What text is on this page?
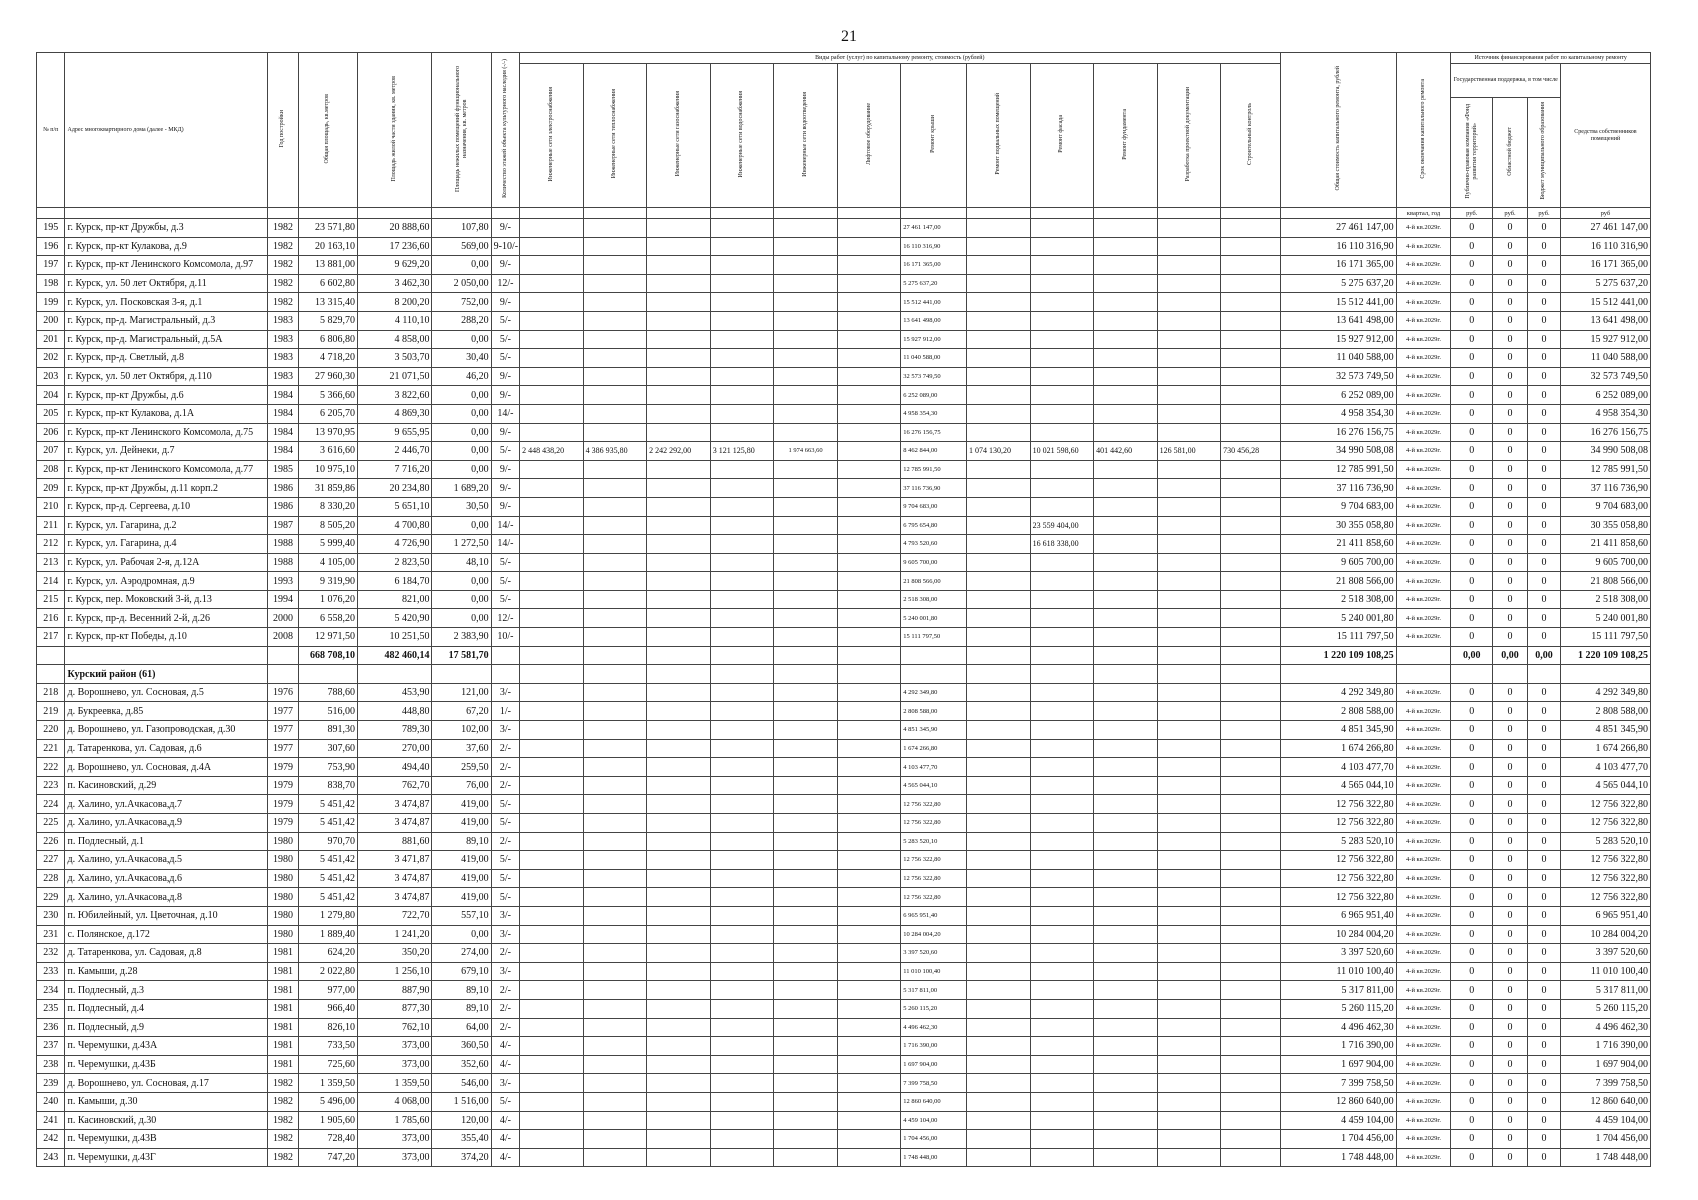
21
№ п/п	Адрес многоквартирного дома (далее - МКД)	Год постройки	Общая площадь, кв.метров	Площадь жилой части здания, кв. метров	Площадь нежилых помещений функционального назначения, кв. метров	Количество этажей объекта культурного наследия (-/-)	Виды работ (услуг) по капитальному ремонту, стоимость (рублей)												Общая стоимость капитального ремонта, рублей	Срок окончания капитального ремонта	Источник финансирования работ по капитальному ремонту			
							Инженерные сети электроснабжения	Инженерные сети теплоснабжения	Инженерные сети газоснабжения	Инженерные сети водоснабжения	Инженерные сети водоотведения	Лифтовое оборудование	Ремонт крыши	Ремонт подвальных помещений	Ремонт фасада	Ремонт фундамента	Разработка проектной документации	Строительный контроль			Государственная поддержка, в том числе			Средства собственников помещений
																					Публично-правовая компания «Фонд развития территорий»	Областной бюджет	Бюджет муниципального образования	
																				квартал, год	руб.	руб.	руб.	руб
195	г. Курск, пр-кт Дружбы, д.3	1982	23 571,80	20 888,60	107,80	9/-							27 461 147,00						27 461 147,00	4-й кв.2029г.	0	0	0	27 461 147,00
196	г. Курск, пр-кт Кулакова, д.9	1982	20 163,10	17 236,60	569,00	9-10/-							16 110 316,90						16 110 316,90	4-й кв.2029г.	0	0	0	16 110 316,90
197	г. Курск, пр-кт Ленинского Комсомола, д.97	1982	13 881,00	9 629,20	0,00	9/-							16 171 365,00						16 171 365,00	4-й кв.2029г.	0	0	0	16 171 365,00
198	г. Курск, ул. 50 лет Октября, д.11	1982	6 602,80	3 462,30	2 050,00	12/-							5 275 637,20						5 275 637,20	4-й кв.2029г.	0	0	0	5 275 637,20
199	г. Курск, ул. Посковская 3-я, д.1	1982	13 315,40	8 200,20	752,00	9/-							15 512 441,00						15 512 441,00	4-й кв.2029г.	0	0	0	15 512 441,00
200	г. Курск, пр-д. Магистральный, д.3	1983	5 829,70	4 110,10	288,20	5/-							13 641 498,00						13 641 498,00	4-й кв.2029г.	0	0	0	13 641 498,00
201	г. Курск, пр-д. Магистральный, д.5А	1983	6 806,80	4 858,00	0,00	5/-							15 927 912,00						15 927 912,00	4-й кв.2029г.	0	0	0	15 927 912,00
202	г. Курск, пр-д. Светлый, д.8	1983	4 718,20	3 503,70	30,40	5/-							11 040 588,00						11 040 588,00	4-й кв.2029г.	0	0	0	11 040 588,00
203	г. Курск, ул. 50 лет Октября, д.110	1983	27 960,30	21 071,50	46,20	9/-							32 573 749,50						32 573 749,50	4-й кв.2029г.	0	0	0	32 573 749,50
204	г. Курск, пр-кт Дружбы, д.6	1984	5 366,60	3 822,60	0,00	9/-							6 252 089,00						6 252 089,00	4-й кв.2029г.	0	0	0	6 252 089,00
205	г. Курск, пр-кт Кулакова, д.1А	1984	6 205,70	4 869,30	0,00	14/-							4 958 354,30						4 958 354,30	4-й кв.2029г.	0	0	0	4 958 354,30
206	г. Курск, пр-кт Ленинского Комсомола, д.75	1984	13 970,95	9 655,95	0,00	9/-							16 276 156,75						16 276 156,75	4-й кв.2029г.	0	0	0	16 276 156,75
207	г. Курск, ул. Дейнеки, д.7	1984	3 616,60	2 446,70	0,00	5/-	2 448 438,20	4 386 935,80	2 242 292,00	3 121 125,80	1 974 663,60		8 462 844,00	1 074 130,20	10 021 598,60	401 442,60	126 581,00	730 456,28	34 990 508,08	4-й кв.2029г.	0	0	0	34 990 508,08
208	г. Курск, пр-кт Ленинского Комсомола, д.77	1985	10 975,10	7 716,20	0,00	9/-							12 785 991,50						12 785 991,50	4-й кв.2029г.	0	0	0	12 785 991,50
209	г. Курск, пр-кт Дружбы, д.11 корп.2	1986	31 859,86	20 234,80	1 689,20	9/-							37 116 736,90						37 116 736,90	4-й кв.2029г.	0	0	0	37 116 736,90
210	г. Курск, пр-д. Сергеева, д.10	1986	8 330,20	5 651,10	30,50	9/-							9 704 683,00						9 704 683,00	4-й кв.2029г.	0	0	0	9 704 683,00
211	г. Курск, ул. Гагарина, д.2	1987	8 505,20	4 700,80	0,00	14/-							6 795 654,80		23 559 404,00				30 355 058,80	4-й кв.2029г.	0	0	0	30 355 058,80
212	г. Курск, ул. Гагарина, д.4	1988	5 999,40	4 726,90	1 272,50	14/-							4 793 520,60		16 618 338,00				21 411 858,60	4-й кв.2029г.	0	0	0	21 411 858,60
213	г. Курск, ул. Рабочая 2-я, д.12А	1988	4 105,00	2 823,50	48,10	5/-							9 605 700,00						9 605 700,00	4-й кв.2029г.	0	0	0	9 605 700,00
214	г. Курск, ул. Аэродромная, д.9	1993	9 319,90	6 184,70	0,00	5/-							21 808 566,00						21 808 566,00	4-й кв.2029г.	0	0	0	21 808 566,00
215	г. Курск, пер. Моковский 3-й, д.13	1994	1 076,20	821,00	0,00	5/-							2 518 308,00						2 518 308,00	4-й кв.2029г.	0	0	0	2 518 308,00
216	г. Курск, пр-д. Весенний 2-й, д.26	2000	6 558,20	5 420,90	0,00	12/-							5 240 001,80						5 240 001,80	4-й кв.2029г.	0	0	0	5 240 001,80
217	г. Курск, пр-кт Победы, д.10	2008	12 971,50	10 251,50	2 383,90	10/-							15 111 797,50						15 111 797,50	4-й кв.2029г.	0	0	0	15 111 797,50
			668 708,10	482 460,14	17 581,70														1 220 109 108,25		0,00	0,00	0,00	1 220 109 108,25
	Курский район (61)																							
218	д. Ворошнево, ул. Сосновая, д.5	1976	788,60	453,90	121,00	3/-							4 292 349,80						4 292 349,80	4-й кв.2029г.	0	0	0	4 292 349,80
219	д. Букреевка, д.85	1977	516,00	448,80	67,20	1/-							2 808 588,00						2 808 588,00	4-й кв.2029г.	0	0	0	2 808 588,00
220	д. Ворошнево, ул. Газопроводская, д.30	1977	891,30	789,30	102,00	3/-							4 851 345,90						4 851 345,90	4-й кв.2029г.	0	0	0	4 851 345,90
221	д. Татаренкова, ул. Садовая, д.6	1977	307,60	270,00	37,60	2/-							1 674 266,80						1 674 266,80	4-й кв.2029г.	0	0	0	1 674 266,80
222	д. Ворошнево, ул. Сосновая, д.4А	1979	753,90	494,40	259,50	2/-							4 103 477,70						4 103 477,70	4-й кв.2029г.	0	0	0	4 103 477,70
223	п. Касиновский, д.29	1979	838,70	762,70	76,00	2/-							4 565 044,10						4 565 044,10	4-й кв.2029г.	0	0	0	4 565 044,10
224	д. Халино, ул.Ачкасова,д.7	1979	5 451,42	3 474,87	419,00	5/-							12 756 322,80						12 756 322,80	4-й кв.2029г.	0	0	0	12 756 322,80
225	д. Халино, ул.Ачкасова,д.9	1979	5 451,42	3 474,87	419,00	5/-							12 756 322,80						12 756 322,80	4-й кв.2029г.	0	0	0	12 756 322,80
226	п. Подлесный, д.1	1980	970,70	881,60	89,10	2/-							5 283 520,10						5 283 520,10	4-й кв.2029г.	0	0	0	5 283 520,10
227	д. Халино, ул.Ачкасова,д.5	1980	5 451,42	3 471,87	419,00	5/-							12 756 322,80						12 756 322,80	4-й кв.2029г.	0	0	0	12 756 322,80
228	д. Халино, ул.Ачкасова,д.6	1980	5 451,42	3 474,87	419,00	5/-							12 756 322,80						12 756 322,80	4-й кв.2029г.	0	0	0	12 756 322,80
229	д. Халино, ул.Ачкасова,д.8	1980	5 451,42	3 474,87	419,00	5/-							12 756 322,80						12 756 322,80	4-й кв.2029г.	0	0	0	12 756 322,80
230	п. Юбилейный, ул. Цветочная, д.10	1980	1 279,80	722,70	557,10	3/-							6 965 951,40						6 965 951,40	4-й кв.2029г.	0	0	0	6 965 951,40
231	с. Полянское, д.172	1980	1 889,40	1 241,20	0,00	3/-							10 284 004,20						10 284 004,20	4-й кв.2029г.	0	0	0	10 284 004,20
232	д. Татаренкова, ул. Садовая, д.8	1981	624,20	350,20	274,00	2/-							3 397 520,60						3 397 520,60	4-й кв.2029г.	0	0	0	3 397 520,60
233	п. Камыши, д.28	1981	2 022,80	1 256,10	679,10	3/-							11 010 100,40						11 010 100,40	4-й кв.2029г.	0	0	0	11 010 100,40
234	п. Подлесный, д.3	1981	977,00	887,90	89,10	2/-							5 317 811,00						5 317 811,00	4-й кв.2029г.	0	0	0	5 317 811,00
235	п. Подлесный, д.4	1981	966,40	877,30	89,10	2/-							5 260 115,20						5 260 115,20	4-й кв.2029г.	0	0	0	5 260 115,20
236	п. Подлесный, д.9	1981	826,10	762,10	64,00	2/-							4 496 462,30						4 496 462,30	4-й кв.2029г.	0	0	0	4 496 462,30
237	п. Черемушки, д.43А	1981	733,50	373,00	360,50	4/-							1 716 390,00						1 716 390,00	4-й кв.2029г.	0	0	0	1 716 390,00
238	п. Черемушки, д.43Б	1981	725,60	373,00	352,60	4/-							1 697 904,00						1 697 904,00	4-й кв.2029г.	0	0	0	1 697 904,00
239	д. Ворошнево, ул. Сосновая, д.17	1982	1 359,50	1 359,50	546,00	3/-							7 399 758,50						7 399 758,50	4-й кв.2029г.	0	0	0	7 399 758,50
240	п. Камыши, д.30	1982	5 496,00	4 068,00	1 516,00	5/-							12 860 640,00						12 860 640,00	4-й кв.2029г.	0	0	0	12 860 640,00
241	п. Касиновский, д.30	1982	1 905,60	1 785,60	120,00	4/-							4 459 104,00						4 459 104,00	4-й кв.2029г.	0	0	0	4 459 104,00
242	п. Черемушки, д.43В	1982	728,40	373,00	355,40	4/-							1 704 456,00						1 704 456,00	4-й кв.2029г.	0	0	0	1 704 456,00
243	п. Черемушки, д.43Г	1982	747,20	373,00	374,20	4/-							1 748 448,00						1 748 448,00	4-й кв.2029г.	0	0	0	1 748 448,00
